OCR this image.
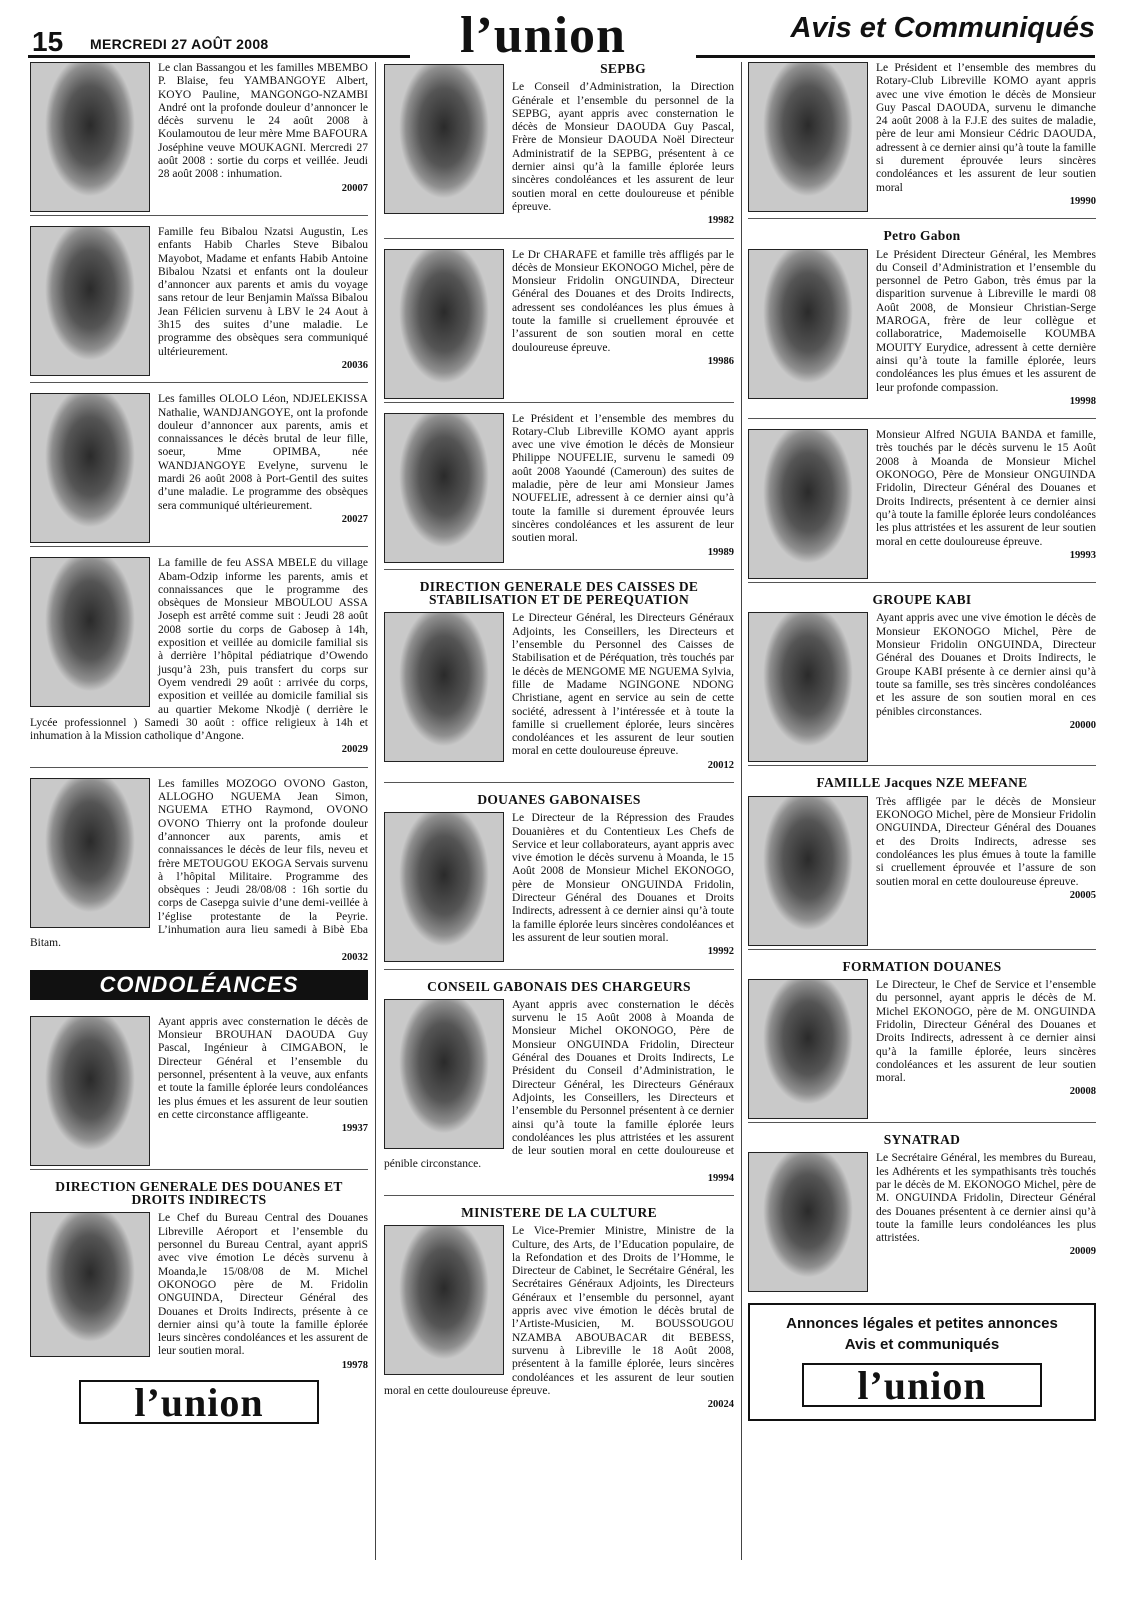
15 MERCREDI 27 AOÛT 2008	l’union	Avis et Communiqués

Le clan Bassangou et les familles MBEMBO P. Blaise, feu YAMBANGOYE Albert, KOYO Pauline, MANGONGO-NZAMBI André ont la profonde douleur d’annoncer le décès survenu le 24 août 2008 à Koulamoutou de leur mère Mme BAFOURA Joséphine veuve MOUKAGNI. Mercredi 27 août 2008 : sortie du corps et veillée. Jeudi 28 août 2008 : inhumation.

20007

Famille feu Bibalou Nzatsi Augustin, Les enfants Habib Charles Steve Bibalou Mayobot, Madame et enfants Habib Antoine Bibalou Nzatsi et enfants ont la douleur d’annoncer aux parents et amis du voyage sans retour de leur Benjamin Maïssa Bibalou Jean Félicien survenu à LBV le 24 Aout à 3h15 des suites d’une maladie. Le programme des obsèques sera communiqué ultérieurement.

20036

Les familles OLOLO Léon, NDJELEKISSA Nathalie, WANDJANGOYE, ont la profonde douleur d’annoncer aux parents, amis et connaissances le décès brutal de leur fille, soeur, Mme OPIMBA, née WANDJANGOYE Evelyne, survenu le mardi 26 août 2008 à Port-Gentil des suites d’une maladie. Le programme des obsèques sera communiqué ultérieurement.

20027

La famille de feu ASSA MBELE du village Abam-Odzip informe les parents, amis et connaissances que le programme des obsèques de Monsieur MBOULOU ASSA Joseph est arrêté comme suit : Jeudi 28 août 2008 sortie du corps de Gabosep à 14h, exposition et veillée au domicile familial sis à derrière l’hôpital pédiatrique d’Owendo jusqu’à 23h, puis transfert du corps sur Oyem vendredi 29 août : arrivée du corps, exposition et veillée au domicile familial sis au quartier Mekome Nkodjè ( derrière le Lycée professionnel ) Samedi 30 août : office religieux à 14h et inhumation à la Mission catholique d’Angone.

20029

Les familles MOZOGO OVONO Gaston, ALLOGHO NGUEMA Jean Simon, NGUEMA ETHO Raymond, OVONO OVONO Thierry ont la profonde douleur d’annoncer aux parents, amis et connaissances le décès de leur fils, neveu et frère METOUGOU EKOGA Servais survenu à l’hôpital Militaire. Programme des obsèques : Jeudi 28/08/08 : 16h sortie du corps de Casepga suivie d’une demi-veillée à l’église protestante de la Peyrie. L’inhumation aura lieu samedi à Bibè Eba Bitam.

20032
CONDOLÉANCES

Ayant appris avec consternation le décès de Monsieur BROUHAN DAOUDA Guy Pascal, Ingénieur à CIMGABON, le Directeur Général et l’ensemble du personnel, présentent à la veuve, aux enfants et toute la famille éplorée leurs condoléances les plus émues et les assurent de leur soutien en cette circonstance affligeante.

19937
DIRECTION GENERALE DES DOUANES ET DROITS INDIRECTS

Le Chef du Bureau Central des Douanes Libreville Aéroport et l’ensemble du personnel du Bureau Central, ayant appriS avec vive émotion Le décès survenu à Moanda,le 15/08/08 de M. Michel OKONOGO père de M. Fridolin ONGUINDA, Directeur Général des Douanes et Droits Indirects, présente à ce dernier ainsi qu’à toute la famille éplorée leurs sincères condoléances et les assurent de leur soutien moral.

19978
l’union
SEPBG

Le Conseil d’Administration, la Direction Générale et l’ensemble du personnel de la SEPBG, ayant appris avec consternation le décès de Monsieur DAOUDA Guy Pascal, Frère de Monsieur DAOUDA Noël Directeur Administratif de la SEPBG, présentent à ce dernier ainsi qu’à la famille éplorée leurs sincères condoléances et les assurent de leur soutien moral en cette douloureuse et pénible épreuve.

19982

Le Dr CHARAFE et famille très affligés par le décès de Monsieur EKONOGO Michel, père de Monsieur Fridolin ONGUINDA, Directeur Général des Douanes et des Droits Indirects, adressent ses condoléances les plus émues à toute la famille si cruellement éprouvée et l’assurent de son soutien moral en cette douloureuse épreuve.

19986

Le Président et l’ensemble des membres du Rotary-Club Libreville KOMO ayant appris avec une vive émotion le décès de Monsieur Philippe NOUFELIE, survenu le samedi 09 août 2008 Yaoundé (Cameroun) des suites de maladie, père de leur ami Monsieur James NOUFELIE, adressent à ce dernier ainsi qu’à toute la famille si durement éprouvée leurs sincères condoléances et les assurent de leur soutien moral.

19989
DIRECTION GENERALE DES CAISSES DE STABILISATION ET DE PEREQUATION

Le Directeur Général, les Directeurs Généraux Adjoints, les Conseillers, les Directeurs et l’ensemble du Personnel des Caisses de Stabilisation et de Péréquation, très touchés par le décès de MENGOME ME NGUEMA Sylvia, fille de Madame NGINGONE NDONG Christiane, agent en service au sein de cette société, adressent à l’intéressée et à toute la famille si cruellement éplorée, leurs sincères condoléances et les assurent de leur soutien moral en cette douloureuse épreuve.

20012
DOUANES GABONAISES

Le Directeur de la Répression des Fraudes Douanières et du Contentieux Les Chefs de Service et leur collaborateurs, ayant appris avec vive émotion le décès survenu à Moanda, le 15 Août 2008 de Monsieur Michel EKONOGO, père de Monsieur ONGUINDA Fridolin, Directeur Général des Douanes et Droits Indirects, adressent à ce dernier ainsi qu’à toute la famille éplorée leurs sincères condoléances et les assurent de leur soutien moral.

19992
CONSEIL GABONAIS DES CHARGEURS

Ayant appris avec consternation le décès survenu le 15 Août 2008 à Moanda de Monsieur Michel OKONOGO, Père de Monsieur ONGUINDA Fridolin, Directeur Général des Douanes et Droits Indirects, Le Président du Conseil d’Administration, le Directeur Général, les Directeurs Généraux Adjoints, les Conseillers, les Directeurs et l’ensemble du Personnel présentent à ce dernier ainsi qu’à toute la famille éplorée leurs condoléances les plus attristées et les assurent de leur soutien moral en cette douloureuse et pénible circonstance.

19994
MINISTERE DE LA CULTURE

Le Vice-Premier Ministre, Ministre de la Culture, des Arts, de l’Education populaire, de la Refondation et des Droits de l’Homme, le Directeur de Cabinet, le Secrétaire Général, les Secrétaires Généraux Adjoints, les Directeurs Généraux et l’ensemble du personnel, ayant appris avec vive émotion le décès brutal de l’Artiste-Musicien, M. BOUSSOUGOU NZAMBA ABOUBACAR dit BEBESS, survenu à Libreville le 18 Août 2008, présentent à la famille éplorée, leurs sincères condoléances et les assurent de leur soutien moral en cette douloureuse épreuve.

20024

Le Président et l’ensemble des membres du Rotary-Club Libreville KOMO ayant appris avec une vive émotion le décès de Monsieur Guy Pascal DAOUDA, survenu le dimanche 24 août 2008 à la F.J.E des suites de maladie, père de leur ami Monsieur Cédric DAOUDA, adressent à ce dernier ainsi qu’à toute la famille si durement éprouvée leurs sincères condoléances et les assurent de leur soutien moral

19990
Petro Gabon

Le Président Directeur Général, les Membres du Conseil d’Administration et l’ensemble du personnel de Petro Gabon, très émus par la disparition survenue à Libreville le mardi 08 Août 2008, de Monsieur Christian-Serge MAROGA, frère de leur collègue et collaboratrice, Mademoiselle KOUMBA MOUITY Eurydice, adressent à cette dernière ainsi qu’à toute la famille éplorée, leurs condoléances les plus émues et les assurent de leur profonde compassion.

19998

Monsieur Alfred NGUIA BANDA et famille, très touchés par le décès survenu le 15 Août 2008 à Moanda de Monsieur Michel OKONOGO, Père de Monsieur ONGUINDA Fridolin, Directeur Général des Douanes et Droits Indirects, présentent à ce dernier ainsi qu’à toute la famille éplorée leurs condoléances les plus attristées et les assurent de leur soutien moral en cette douloureuse épreuve.

19993
GROUPE KABI

Ayant appris avec une vive émotion le décès de Monsieur EKONOGO Michel, Père de Monsieur Fridolin ONGUINDA, Directeur Général des Douanes et Droits Indirects, le Groupe KABI présente à ce dernier ainsi qu’à toute sa famille, ses très sincères condoléances et les assure de son soutien moral en ces pénibles circonstances.

20000
FAMILLE Jacques NZE MEFANE

Très affligée par le décès de Monsieur EKONOGO Michel, père de Monsieur Fridolin ONGUINDA, Directeur Général des Douanes et des Droits Indirects, adresse ses condoléances les plus émues à toute la famille si cruellement éprouvée et l’assure de son soutien moral en cette douloureuse épreuve.

20005
FORMATION DOUANES

Le Directeur, le Chef de Service et l’ensemble du personnel, ayant appris le décès de M. Michel EKONOGO, père de M. ONGUINDA Fridolin, Directeur Général des Douanes et Droits Indirects, adressent à ce dernier ainsi qu’à la famille éplorée, leurs sincères condoléances et les assurent de leur soutien moral.

20008
SYNATRAD

Le Secrétaire Général, les membres du Bureau, les Adhérents et les sympathisants très touchés par le décès de M. EKONOGO Michel, père de M. ONGUINDA Fridolin, Directeur Général des Douanes présentent à ce dernier ainsi qu’à toute la famille leurs condoléances les plus attristées.

20009
Annonces légales et petites annonces
Avis et communiqués
l’union
